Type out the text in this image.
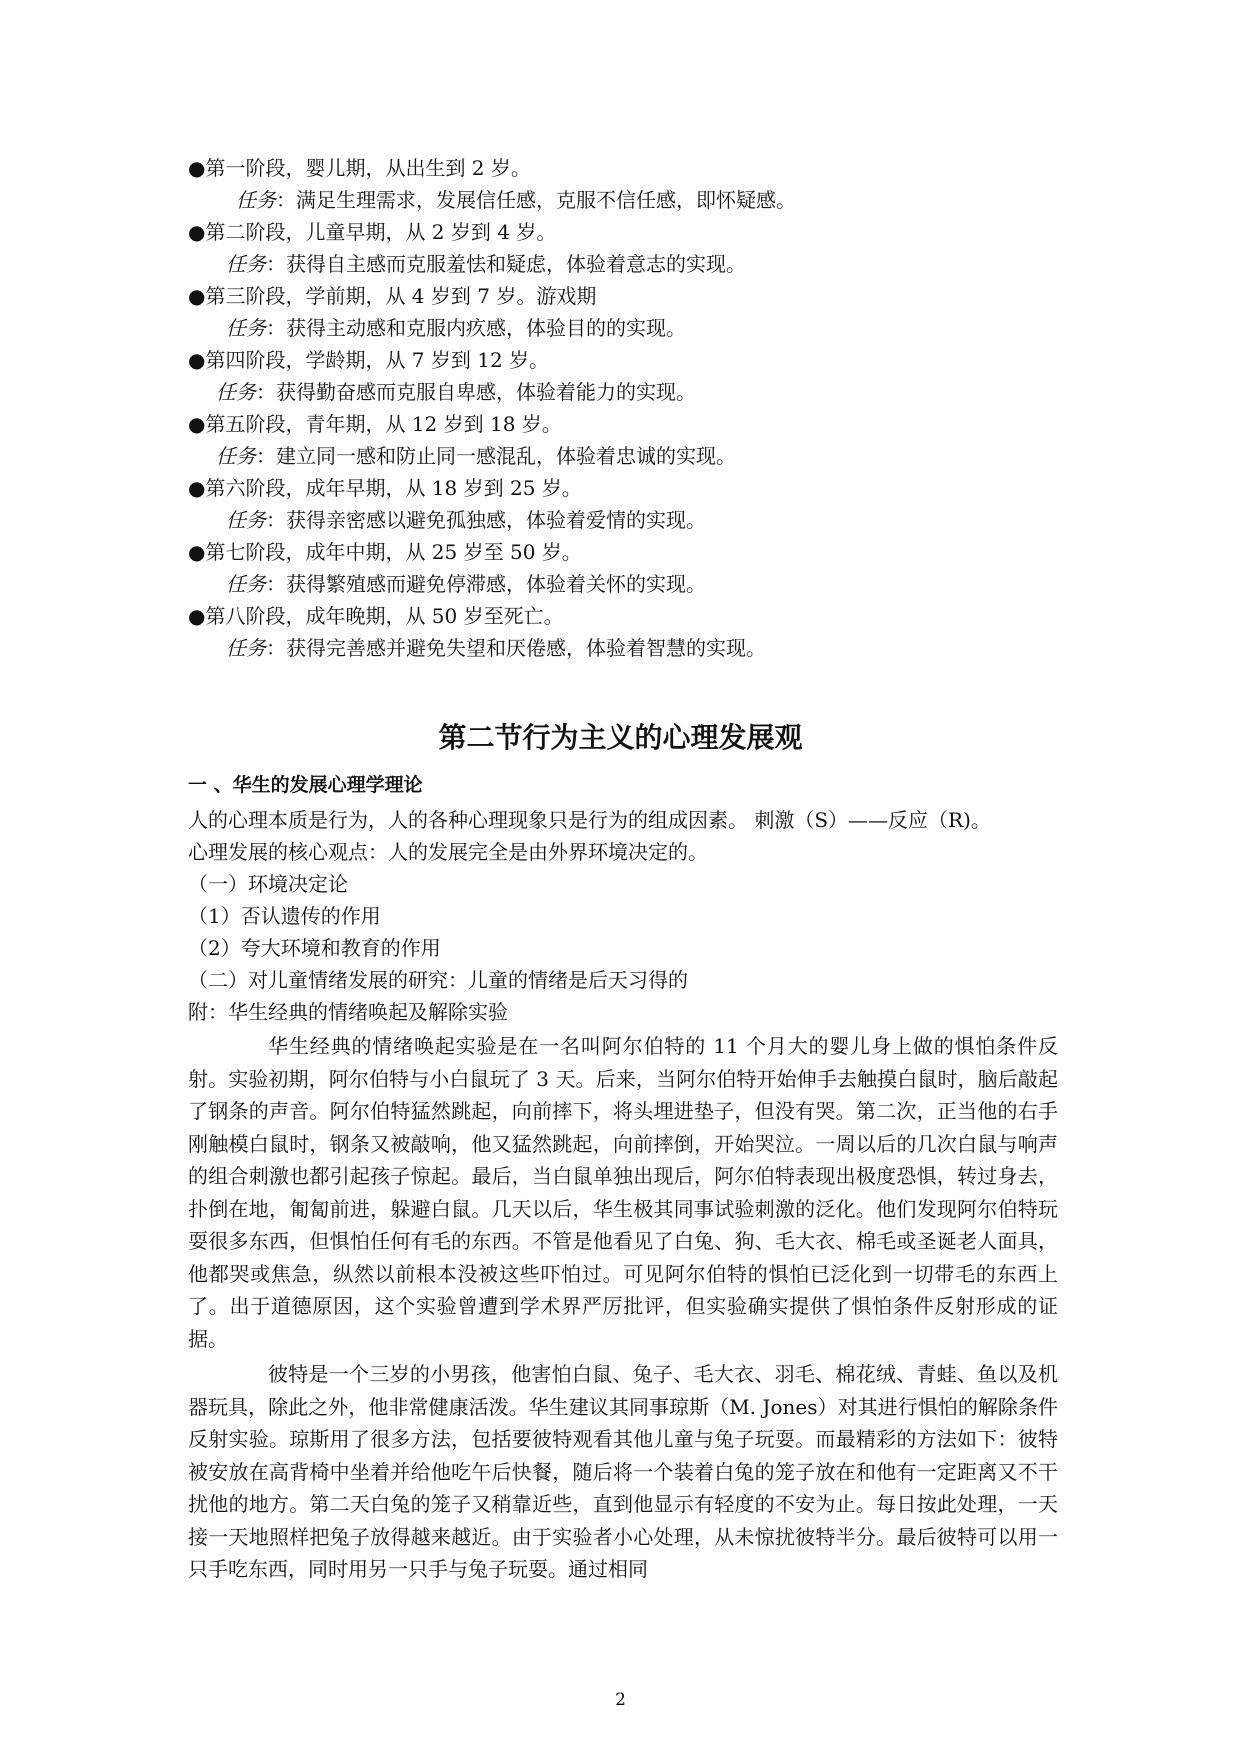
●第一阶段，婴儿期，从出生到 2 岁。
任务：满足生理需求，发展信任感，克服不信任感，即怀疑感。
●第二阶段，儿童早期，从 2 岁到 4 岁。
任务：获得自主感而克服羞怯和疑虑，体验着意志的实现。
●第三阶段，学前期，从 4 岁到 7 岁。游戏期
任务：获得主动感和克服内疚感，体验目的的实现。
●第四阶段，学龄期，从 7 岁到 12 岁。
任务：获得勤奋感而克服自卑感，体验着能力的实现。
●第五阶段，青年期，从 12 岁到 18 岁。
任务：建立同一感和防止同一感混乱，体验着忠诚的实现。
●第六阶段，成年早期，从 18 岁到 25 岁。
任务：获得亲密感以避免孤独感，体验着爱情的实现。
●第七阶段，成年中期，从 25 岁至 50 岁。
任务：获得繁殖感而避免停滞感，体验着关怀的实现。
●第八阶段，成年晚期，从 50 岁至死亡。
任务：获得完善感并避免失望和厌倦感，体验着智慧的实现。
第二节行为主义的心理发展观
一 、华生的发展心理学理论
人的心理本质是行为，人的各种心理现象只是行为的组成因素。 刺激（S）——反应（R)。
心理发展的核心观点：人的发展完全是由外界环境决定的。
（一）环境决定论
（1）否认遗传的作用
（2）夸大环境和教育的作用
（二）对儿童情绪发展的研究：儿童的情绪是后天习得的
附：华生经典的情绪唤起及解除实验
华生经典的情绪唤起实验是在一名叫阿尔伯特的 11 个月大的婴儿身上做的惧怕条件反射。实验初期，阿尔伯特与小白鼠玩了 3 天。后来，当阿尔伯特开始伸手去触摸白鼠时，脑后敲起了钢条的声音。阿尔伯特猛然跳起，向前摔下，将头埋进垫子，但没有哭。第二次，正当他的右手刚触模白鼠时，钢条又被敲响，他又猛然跳起，向前摔倒，开始哭泣。一周以后的几次白鼠与响声的组合刺激也都引起孩子惊起。最后，当白鼠单独出现后，阿尔伯特表现出极度恐惧，转过身去，扑倒在地，匍匐前进，躲避白鼠。几天以后，华生极其同事试验刺激的泛化。他们发现阿尔伯特玩耍很多东西，但惧怕任何有毛的东西。不管是他看见了白兔、狗、毛大衣、棉毛或圣诞老人面具，他都哭或焦急，纵然以前根本没被这些吓怕过。可见阿尔伯特的惧怕已泛化到一切带毛的东西上了。出于道德原因，这个实验曾遭到学术界严厉批评，但实验确实提供了惧怕条件反射形成的证据。
彼特是一个三岁的小男孩，他害怕白鼠、兔子、毛大衣、羽毛、棉花绒、青蛙、鱼以及机器玩具，除此之外，他非常健康活泼。华生建议其同事琼斯（M. Jones）对其进行惧怕的解除条件反射实验。琼斯用了很多方法，包括要彼特观看其他儿童与兔子玩耍。而最精彩的方法如下：彼特被安放在高背椅中坐着并给他吃午后快餐，随后将一个装着白兔的笼子放在和他有一定距离又不干扰他的地方。第二天白兔的笼子又稍靠近些，直到他显示有轻度的不安为止。每日按此处理，一天接一天地照样把兔子放得越来越近。由于实验者小心处理，从未惊扰彼特半分。最后彼特可以用一只手吃东西，同时用另一只手与兔子玩耍。通过相同
2
